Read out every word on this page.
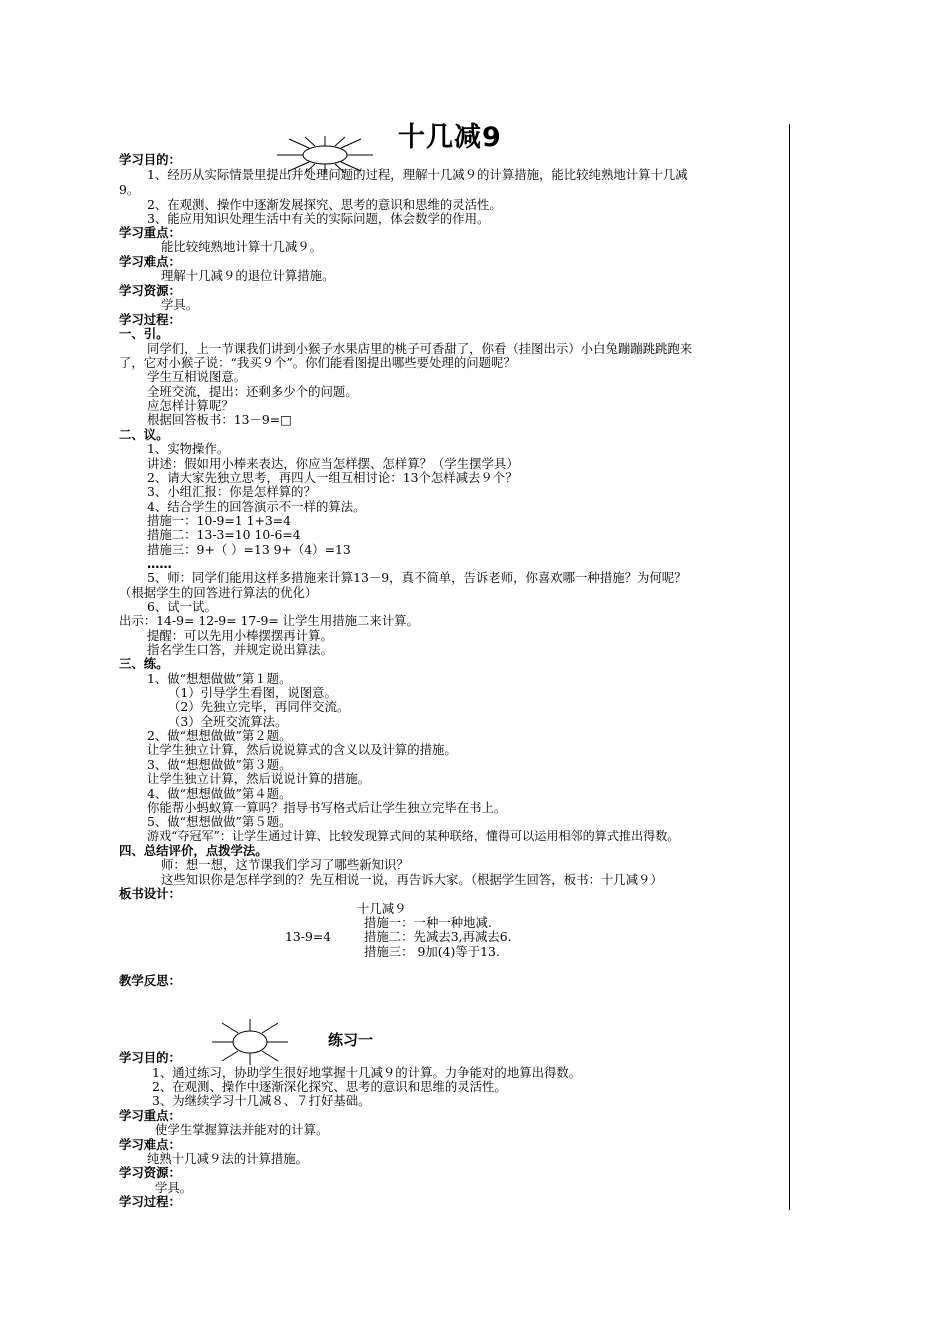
十几减9
学习目的：
1、经历从实际情景里提出并处理问题的过程，理解十几减９的计算措施，能比较纯熟地计算十几减
9。
2、在观测、操作中逐渐发展探究、思考的意识和思维的灵活性。
3、能应用知识处理生活中有关的实际问题，体会数学的作用。
学习重点：
能比较纯熟地计算十几减９。
学习难点：
理解十几减９的退位计算措施。
学习资源：
学具。
学习过程：
一、引。
同学们，上一节课我们讲到小猴子水果店里的桃子可香甜了，你看（挂图出示）小白兔蹦蹦跳跳跑来
了，它对小猴子说：“我买９个”。你们能看图提出哪些要处理的问题呢？
学生互相说图意。
全班交流，提出：还剩多少个的问题。
应怎样计算呢？
根据回答板书：13－9=□
二、议。
1、实物操作。
讲述：假如用小棒来表达，你应当怎样摆、怎样算？（学生摆学具）
2、请大家先独立思考，再四人一组互相讨论：13个怎样减去９个？
3、小组汇报：你是怎样算的？
4、结合学生的回答演示不一样的算法。
措施一：10-9=1 1+3=4
措施二：13-3=10 10-6=4
措施三：9+（ ）=13 9+（4）=13
……
5、师：同学们能用这样多措施来计算13－9，真不简单，告诉老师，你喜欢哪一种措施？为何呢？
（根据学生的回答进行算法的优化）
6、试一试。
出示：14-9= 12-9= 17-9= 让学生用措施二来计算。
提醒：可以先用小棒摆摆再计算。
指名学生口答，并规定说出算法。
三、练。
1、做“想想做做”第１题。
（1）引导学生看图，说图意。
（2）先独立完毕，再同伴交流。
（3）全班交流算法。
2、做“想想做做”第２题。
让学生独立计算，然后说说算式的含义以及计算的措施。
3、做“想想做做”第３题。
让学生独立计算，然后说说计算的措施。
4、做“想想做做”第４题。
你能帮小蚂蚁算一算吗？指导书写格式后让学生独立完毕在书上。
5、做“想想做做”第５题。
游戏“夺冠军”：让学生通过计算、比较发现算式间的某种联络，懂得可以运用相邻的算式推出得数。
四、总结评价，点拨学法。
师：想一想，这节课我们学习了哪些新知识？
这些知识你是怎样学到的？先互相说一说，再告诉大家。（根据学生回答，板书：十几减９）
板书设计：
十几减９
措施一：一种一种地减.
13-9=4	措施二：先减去3,再减去6.
措施三： 9加(4)等于13.
教学反思：
练习一
学习目的：
1、通过练习，协助学生很好地掌握十几减９的计算。力争能对的地算出得数。
2、在观测、操作中逐渐深化探究、思考的意识和思维的灵活性。
3、为继续学习十几减８、７打好基础。
学习重点：
使学生掌握算法并能对的计算。
学习难点：
纯熟十几减９法的计算措施。
学习资源：
学具。
学习过程：
